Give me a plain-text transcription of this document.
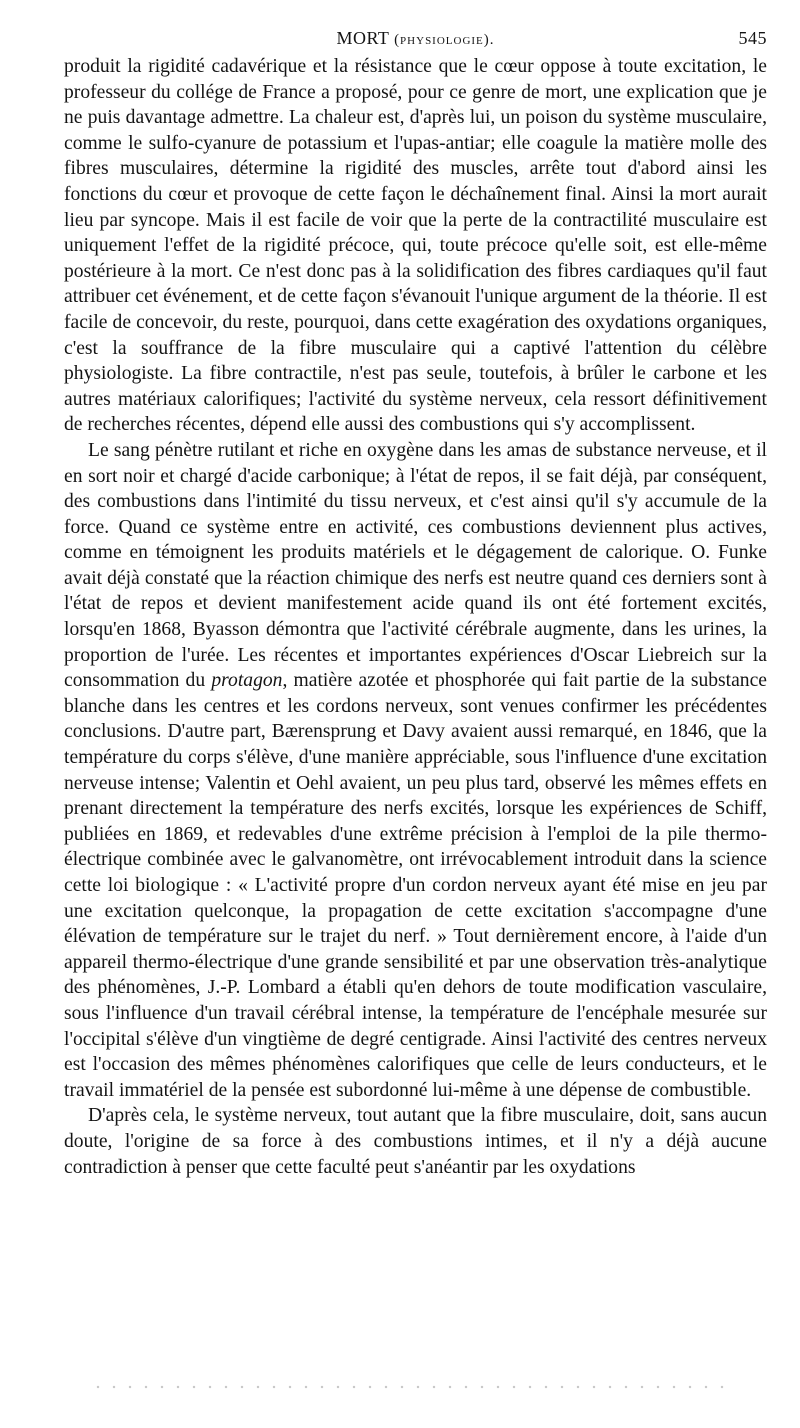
MORT (physiologie).	545

produit la rigidité cadavérique et la résistance que le cœur oppose à toute excitation, le professeur du collége de France a proposé, pour ce genre de mort, une explication que je ne puis davantage admettre. La chaleur est, d'après lui, un poison du système musculaire, comme le sulfo-cyanure de potassium et l'upas-antiar; elle coagule la matière molle des fibres musculaires, détermine la rigidité des muscles, arrête tout d'abord ainsi les fonctions du cœur et provoque de cette façon le déchaînement final. Ainsi la mort aurait lieu par syncope. Mais il est facile de voir que la perte de la contractilité musculaire est uniquement l'effet de la rigidité précoce, qui, toute précoce qu'elle soit, est elle-même postérieure à la mort. Ce n'est donc pas à la solidification des fibres cardiaques qu'il faut attribuer cet événement, et de cette façon s'évanouit l'unique argument de la théorie. Il est facile de concevoir, du reste, pourquoi, dans cette exagération des oxydations organiques, c'est la souffrance de la fibre musculaire qui a captivé l'attention du célèbre physiologiste. La fibre contractile, n'est pas seule, toutefois, à brûler le carbone et les autres matériaux calorifiques; l'activité du système nerveux, cela ressort définitivement de recherches récentes, dépend elle aussi des combustions qui s'y accomplissent.

Le sang pénètre rutilant et riche en oxygène dans les amas de substance nerveuse, et il en sort noir et chargé d'acide carbonique; à l'état de repos, il se fait déjà, par conséquent, des combustions dans l'intimité du tissu nerveux, et c'est ainsi qu'il s'y accumule de la force. Quand ce système entre en activité, ces combustions deviennent plus actives, comme en témoignent les produits matériels et le dégagement de calorique. O. Funke avait déjà constaté que la réaction chimique des nerfs est neutre quand ces derniers sont à l'état de repos et devient manifestement acide quand ils ont été fortement excités, lorsqu'en 1868, Byasson démontra que l'activité cérébrale augmente, dans les urines, la proportion de l'urée. Les récentes et importantes expériences d'Oscar Liebreich sur la consommation du protagon, matière azotée et phosphorée qui fait partie de la substance blanche dans les centres et les cordons nerveux, sont venues confirmer les précédentes conclusions. D'autre part, Bærensprung et Davy avaient aussi remarqué, en 1846, que la température du corps s'élève, d'une manière appréciable, sous l'influence d'une excitation nerveuse intense; Valentin et Oehl avaient, un peu plus tard, observé les mêmes effets en prenant directement la température des nerfs excités, lorsque les expériences de Schiff, publiées en 1869, et redevables d'une extrême précision à l'emploi de la pile thermo-électrique combinée avec le galvanomètre, ont irrévocablement introduit dans la science cette loi biologique : « L'activité propre d'un cordon nerveux ayant été mise en jeu par une excitation quelconque, la propagation de cette excitation s'accompagne d'une élévation de température sur le trajet du nerf. » Tout dernièrement encore, à l'aide d'un appareil thermo-électrique d'une grande sensibilité et par une observation très-analytique des phénomènes, J.-P. Lombard a établi qu'en dehors de toute modification vasculaire, sous l'influence d'un travail cérébral intense, la température de l'encéphale mesurée sur l'occipital s'élève d'un vingtième de degré centigrade. Ainsi l'activité des centres nerveux est l'occasion des mêmes phénomènes calorifiques que celle de leurs conducteurs, et le travail immatériel de la pensée est subordonné lui-même à une dépense de combustible.

D'après cela, le système nerveux, tout autant que la fibre musculaire, doit, sans aucun doute, l'origine de sa force à des combustions intimes, et il n'y a déjà aucune contradiction à penser que cette faculté peut s'anéantir par les oxydations
